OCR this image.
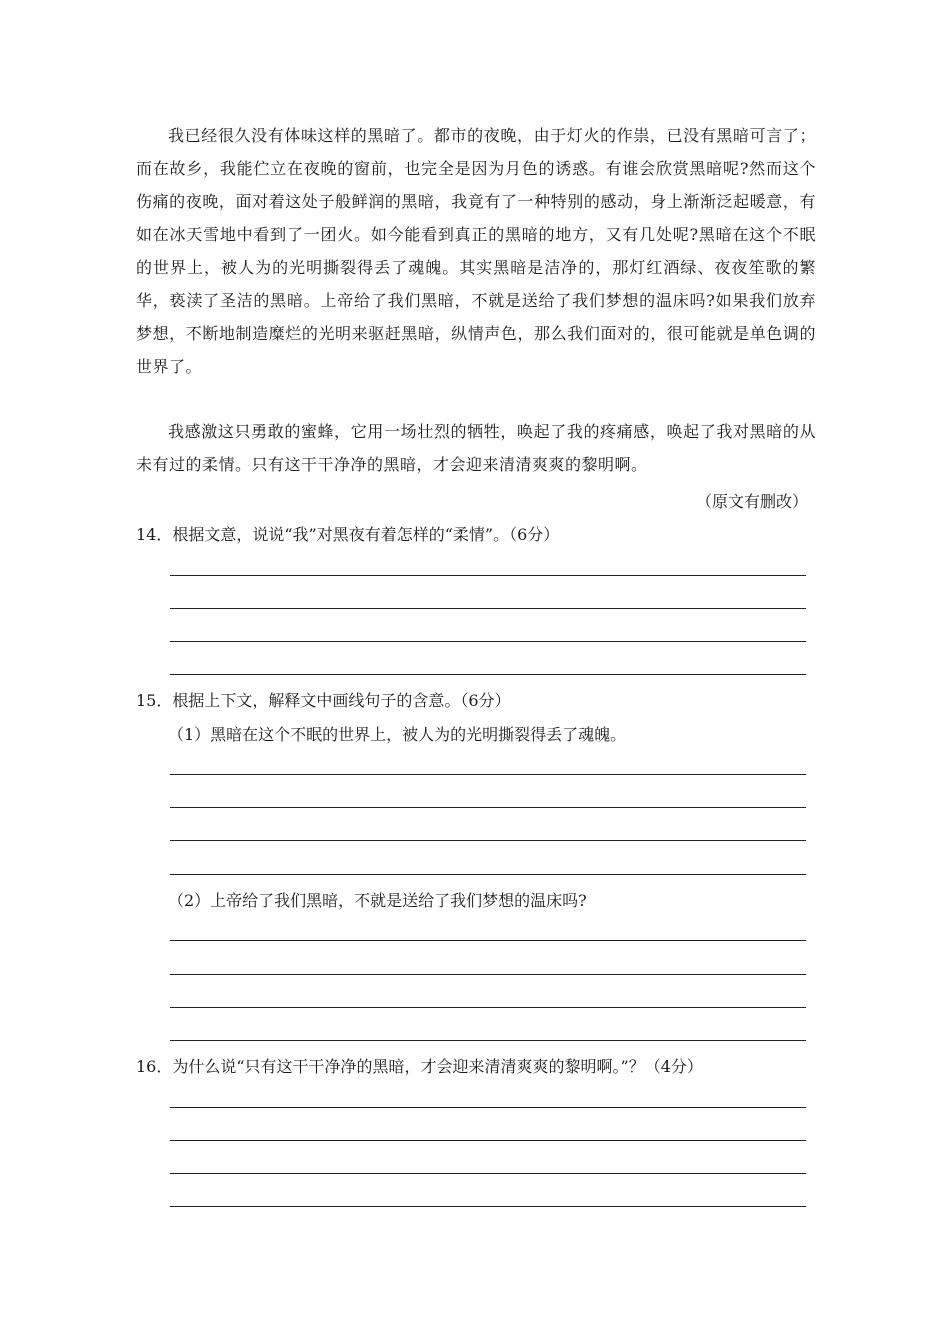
我已经很久没有体味这样的黑暗了。都市的夜晚，由于灯火的作祟，已没有黑暗可言了；而在故乡，我能伫立在夜晚的窗前，也完全是因为月色的诱惑。有谁会欣赏黑暗呢?然而这个伤痛的夜晚，面对着这处子般鲜润的黑暗，我竟有了一种特别的感动，身上渐渐泛起暖意，有如在冰天雪地中看到了一团火。如今能看到真正的黑暗的地方，又有几处呢?黑暗在这个不眠的世界上，被人为的光明撕裂得丢了魂魄。其实黑暗是洁净的，那灯红酒绿、夜夜笙歌的繁华，亵渎了圣洁的黑暗。上帝给了我们黑暗，不就是送给了我们梦想的温床吗?如果我们放弃梦想，不断地制造糜烂的光明来驱赶黑暗，纵情声色，那么我们面对的，很可能就是单色调的世界了。

我感激这只勇敢的蜜蜂，它用一场壮烈的牺牲，唤起了我的疼痛感，唤起了我对黑暗的从未有过的柔情。只有这干干净净的黑暗，才会迎来清清爽爽的黎明啊。

（原文有删改）

14．根据文意，说说“我”对黑夜有着怎样的“柔情”。（6分）

15．根据上下文，解释文中画线句子的含意。（6分）

（1）黑暗在这个不眠的世界上，被人为的光明撕裂得丢了魂魄。

（2）上帝给了我们黑暗，不就是送给了我们梦想的温床吗?

16．为什么说“只有这干干净净的黑暗，才会迎来清清爽爽的黎明啊。”？（4分）
